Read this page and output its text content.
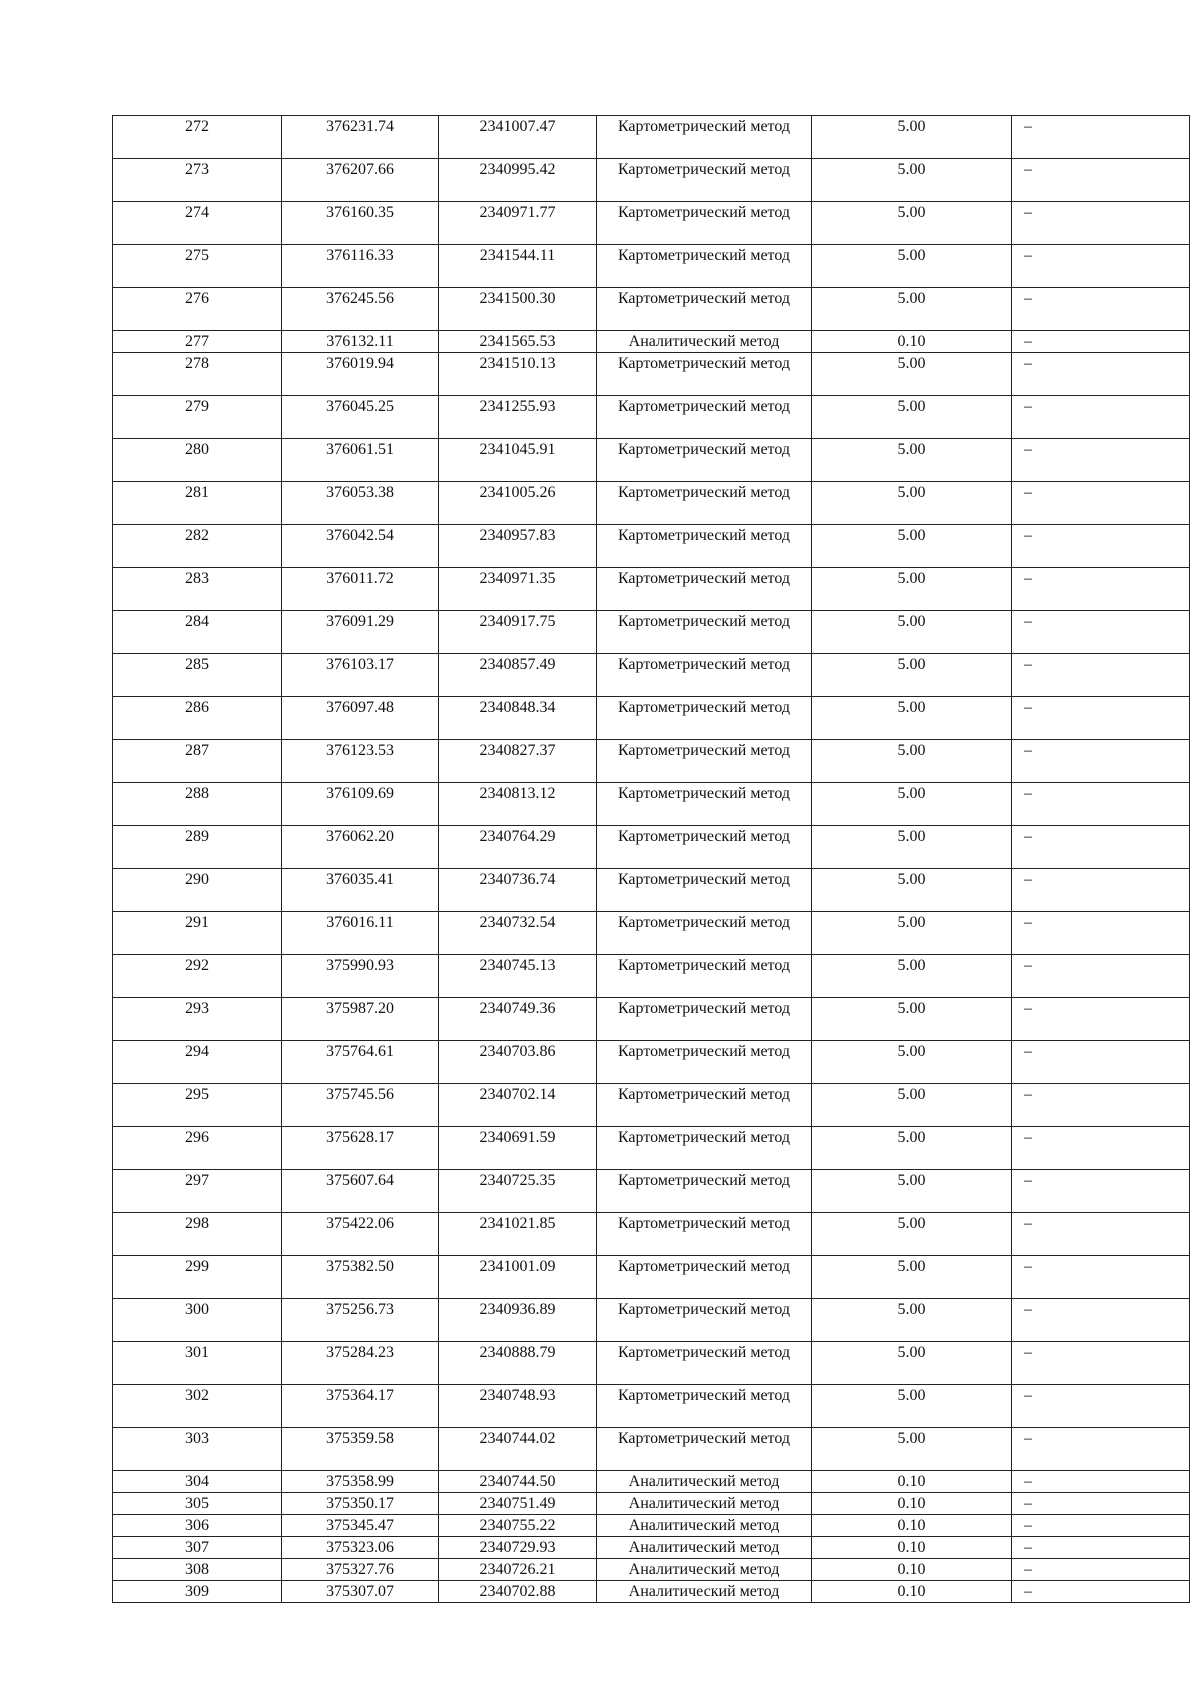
272	376231.74	2341007.47	Картометрический метод	5.00	–
273	376207.66	2340995.42	Картометрический метод	5.00	–
274	376160.35	2340971.77	Картометрический метод	5.00	–
275	376116.33	2341544.11	Картометрический метод	5.00	–
276	376245.56	2341500.30	Картометрический метод	5.00	–
277	376132.11	2341565.53	Аналитический метод	0.10	–
278	376019.94	2341510.13	Картометрический метод	5.00	–
279	376045.25	2341255.93	Картометрический метод	5.00	–
280	376061.51	2341045.91	Картометрический метод	5.00	–
281	376053.38	2341005.26	Картометрический метод	5.00	–
282	376042.54	2340957.83	Картометрический метод	5.00	–
283	376011.72	2340971.35	Картометрический метод	5.00	–
284	376091.29	2340917.75	Картометрический метод	5.00	–
285	376103.17	2340857.49	Картометрический метод	5.00	–
286	376097.48	2340848.34	Картометрический метод	5.00	–
287	376123.53	2340827.37	Картометрический метод	5.00	–
288	376109.69	2340813.12	Картометрический метод	5.00	–
289	376062.20	2340764.29	Картометрический метод	5.00	–
290	376035.41	2340736.74	Картометрический метод	5.00	–
291	376016.11	2340732.54	Картометрический метод	5.00	–
292	375990.93	2340745.13	Картометрический метод	5.00	–
293	375987.20	2340749.36	Картометрический метод	5.00	–
294	375764.61	2340703.86	Картометрический метод	5.00	–
295	375745.56	2340702.14	Картометрический метод	5.00	–
296	375628.17	2340691.59	Картометрический метод	5.00	–
297	375607.64	2340725.35	Картометрический метод	5.00	–
298	375422.06	2341021.85	Картометрический метод	5.00	–
299	375382.50	2341001.09	Картометрический метод	5.00	–
300	375256.73	2340936.89	Картометрический метод	5.00	–
301	375284.23	2340888.79	Картометрический метод	5.00	–
302	375364.17	2340748.93	Картометрический метод	5.00	–
303	375359.58	2340744.02	Картометрический метод	5.00	–
304	375358.99	2340744.50	Аналитический метод	0.10	–
305	375350.17	2340751.49	Аналитический метод	0.10	–
306	375345.47	2340755.22	Аналитический метод	0.10	–
307	375323.06	2340729.93	Аналитический метод	0.10	–
308	375327.76	2340726.21	Аналитический метод	0.10	–
309	375307.07	2340702.88	Аналитический метод	0.10	–
